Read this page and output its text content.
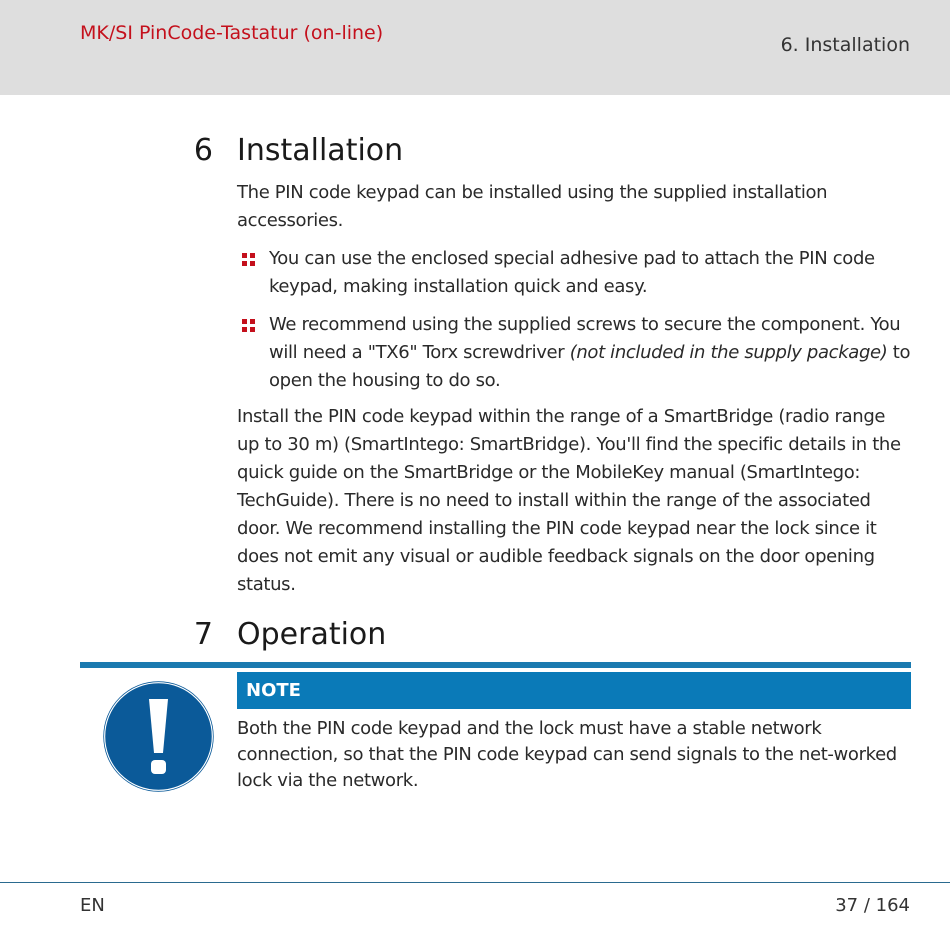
MK/SI PinCode-Tastatur (on-line)
6. Installation
6 Installation

The PIN code keypad can be installed using the supplied installation accessories.

You can use the enclosed special adhesive pad to attach the PIN code keypad, making installation quick and easy.

We recommend using the supplied screws to secure the component. You will need a "TX6" Torx screwdriver (not included in the supply package) to open the housing to do so.

Install the PIN code keypad within the range of a SmartBridge (radio range up to 30 m) (SmartIntego: SmartBridge). You'll find the specific details in the quick guide on the SmartBridge or the MobileKey manual (SmartIntego: TechGuide). There is no need to install within the range of the associated door. We recommend installing the PIN code keypad near the lock since it does not emit any visual or audible feedback signals on the door opening status.

7 Operation
NOTE
Both the PIN code keypad and the lock must have a stable network connection, so that the PIN code keypad can send signals to the net-worked lock via the network.
EN	37 / 164
